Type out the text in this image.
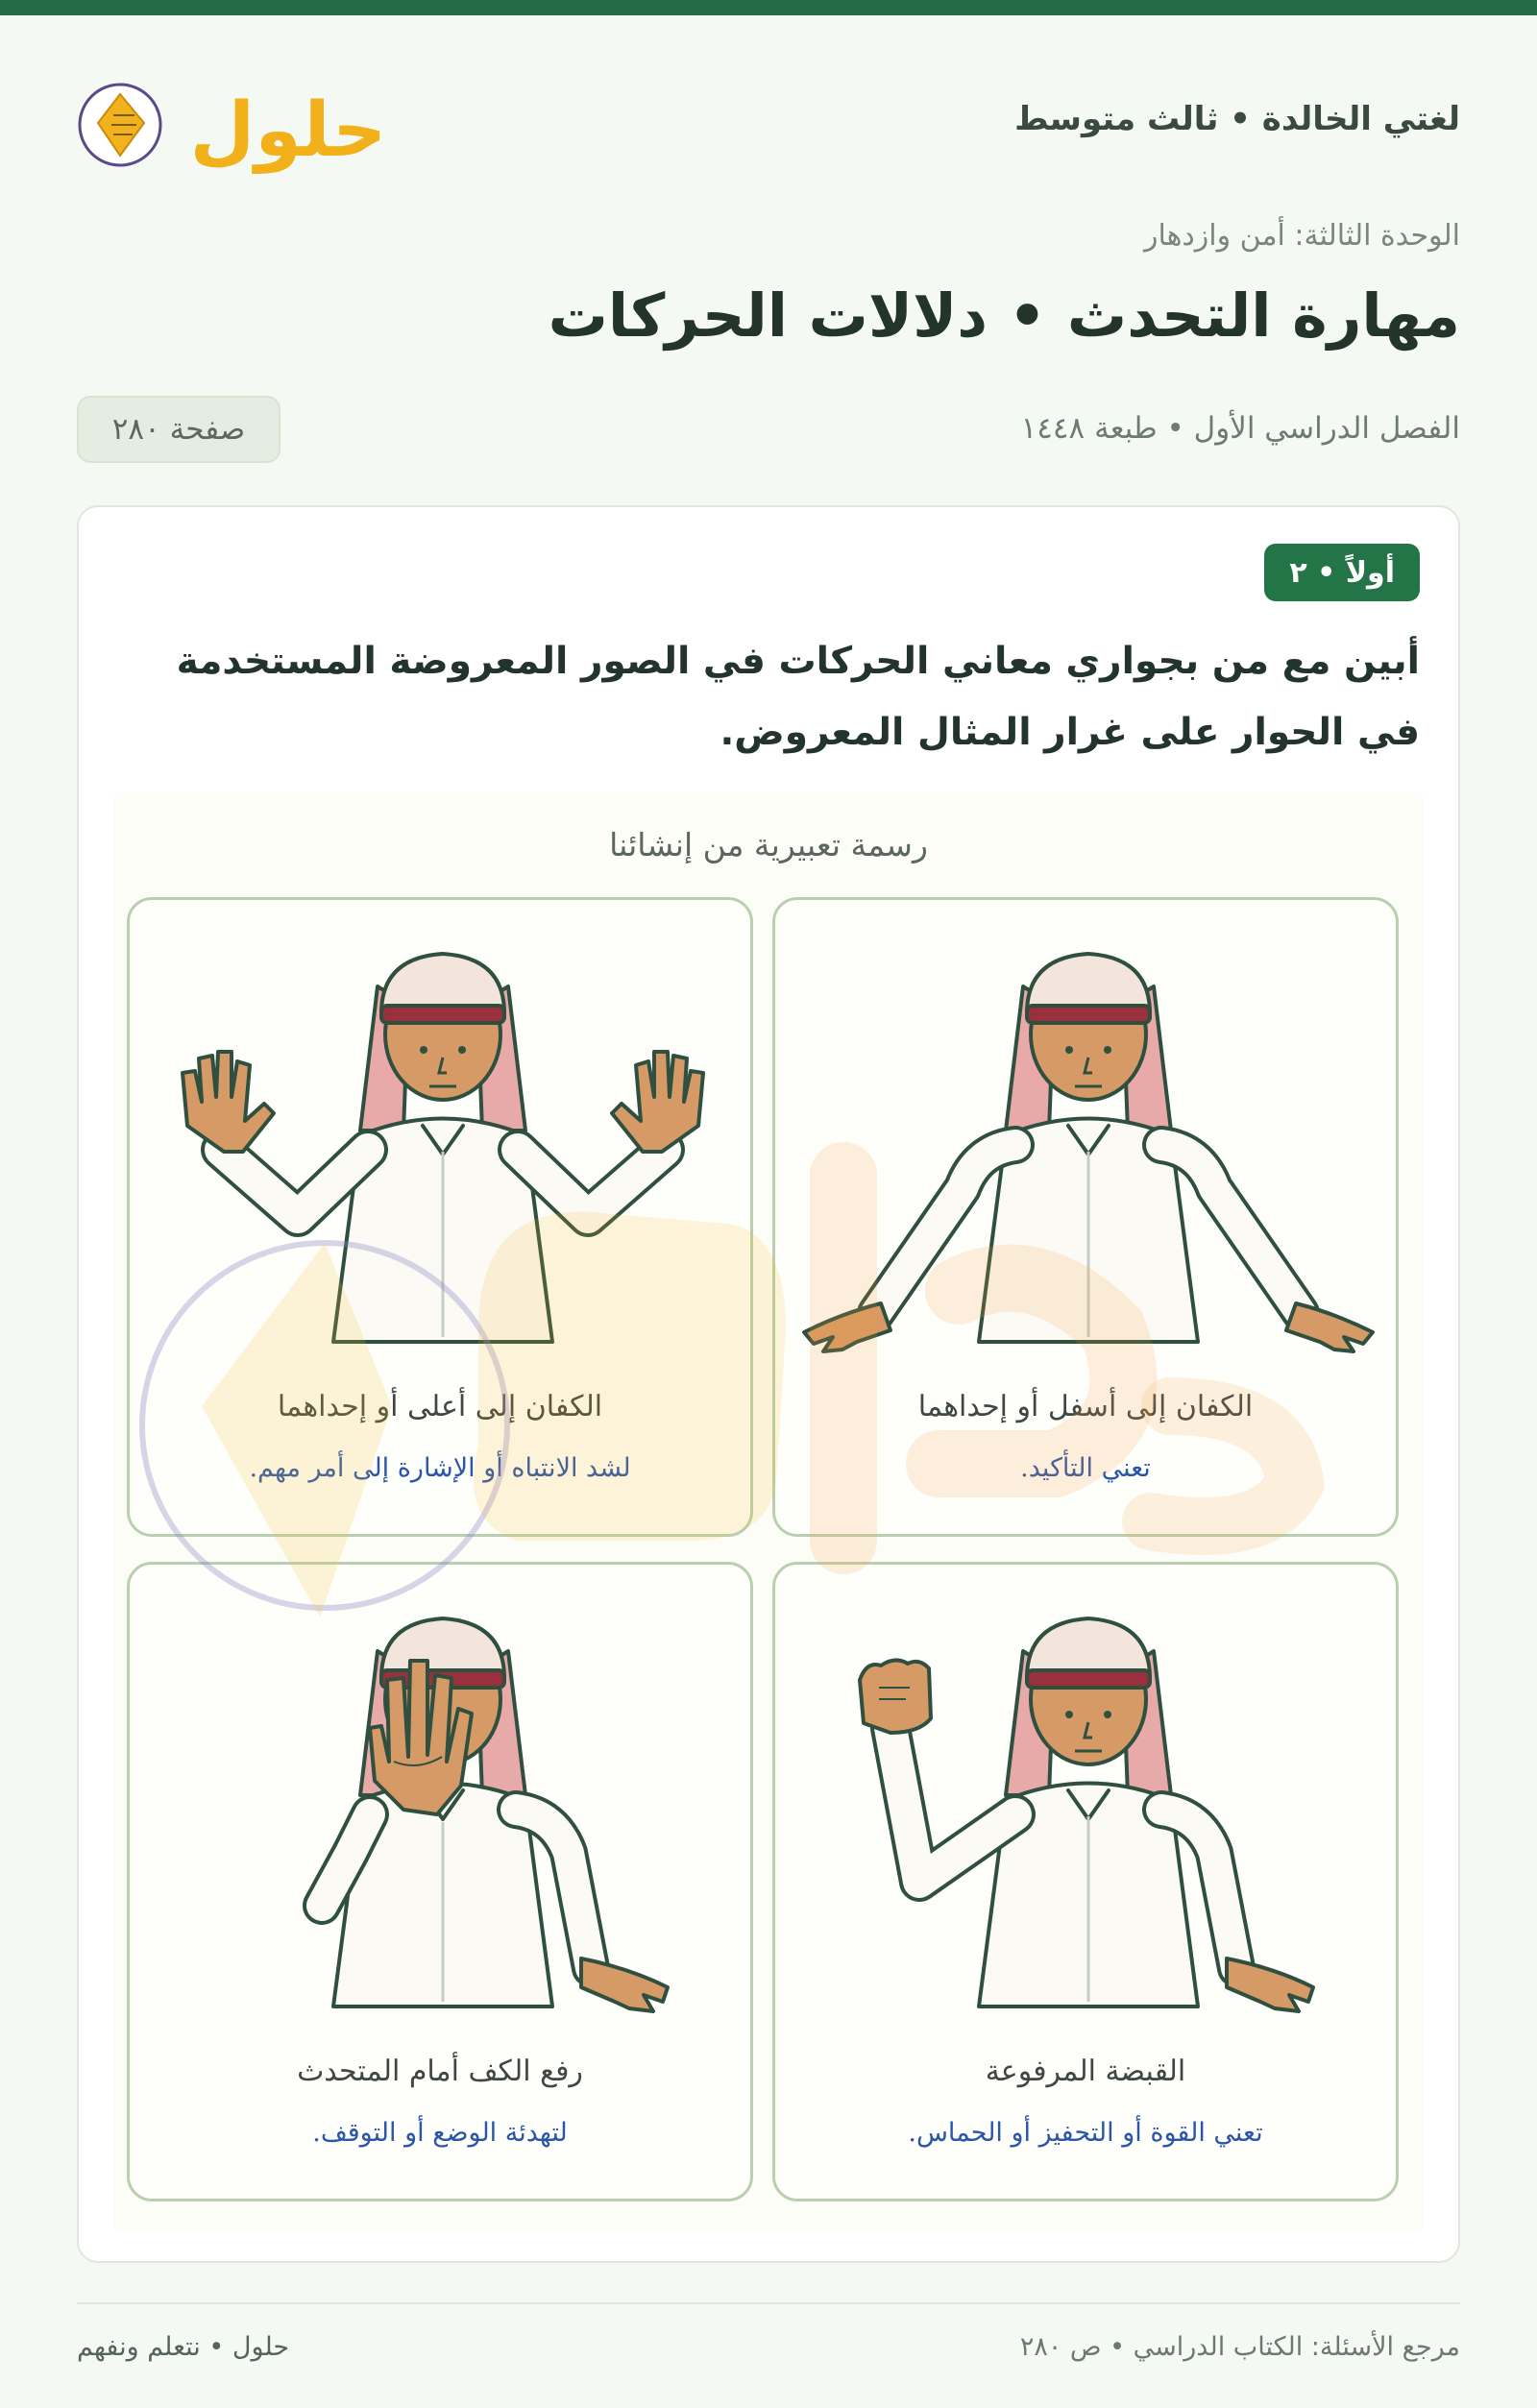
لغتي الخالدة • ثالث متوسط
حلول
الوحدة الثالثة: أمن وازدهار
مهارة التحدث • دلالات الحركات
الفصل الدراسي الأول • طبعة ١٤٤٨
صفحة ٢٨٠
أولاً • ٢
أبين مع من بجواري معاني الحركات في الصور المعروضة المستخدمة في الحوار على غرار المثال المعروض.
رسمة تعبيرية من إنشائنا
الكفان إلى أسفل أو إحداهما
تعني التأكيد.
الكفان إلى أعلى أو إحداهما
لشد الانتباه أو الإشارة إلى أمر مهم.
القبضة المرفوعة
تعني القوة أو التحفيز أو الحماس.
رفع الكف أمام المتحدث
لتهدئة الوضع أو التوقف.
مرجع الأسئلة: الكتاب الدراسي • ص ٢٨٠
حلول • نتعلم ونفهم
